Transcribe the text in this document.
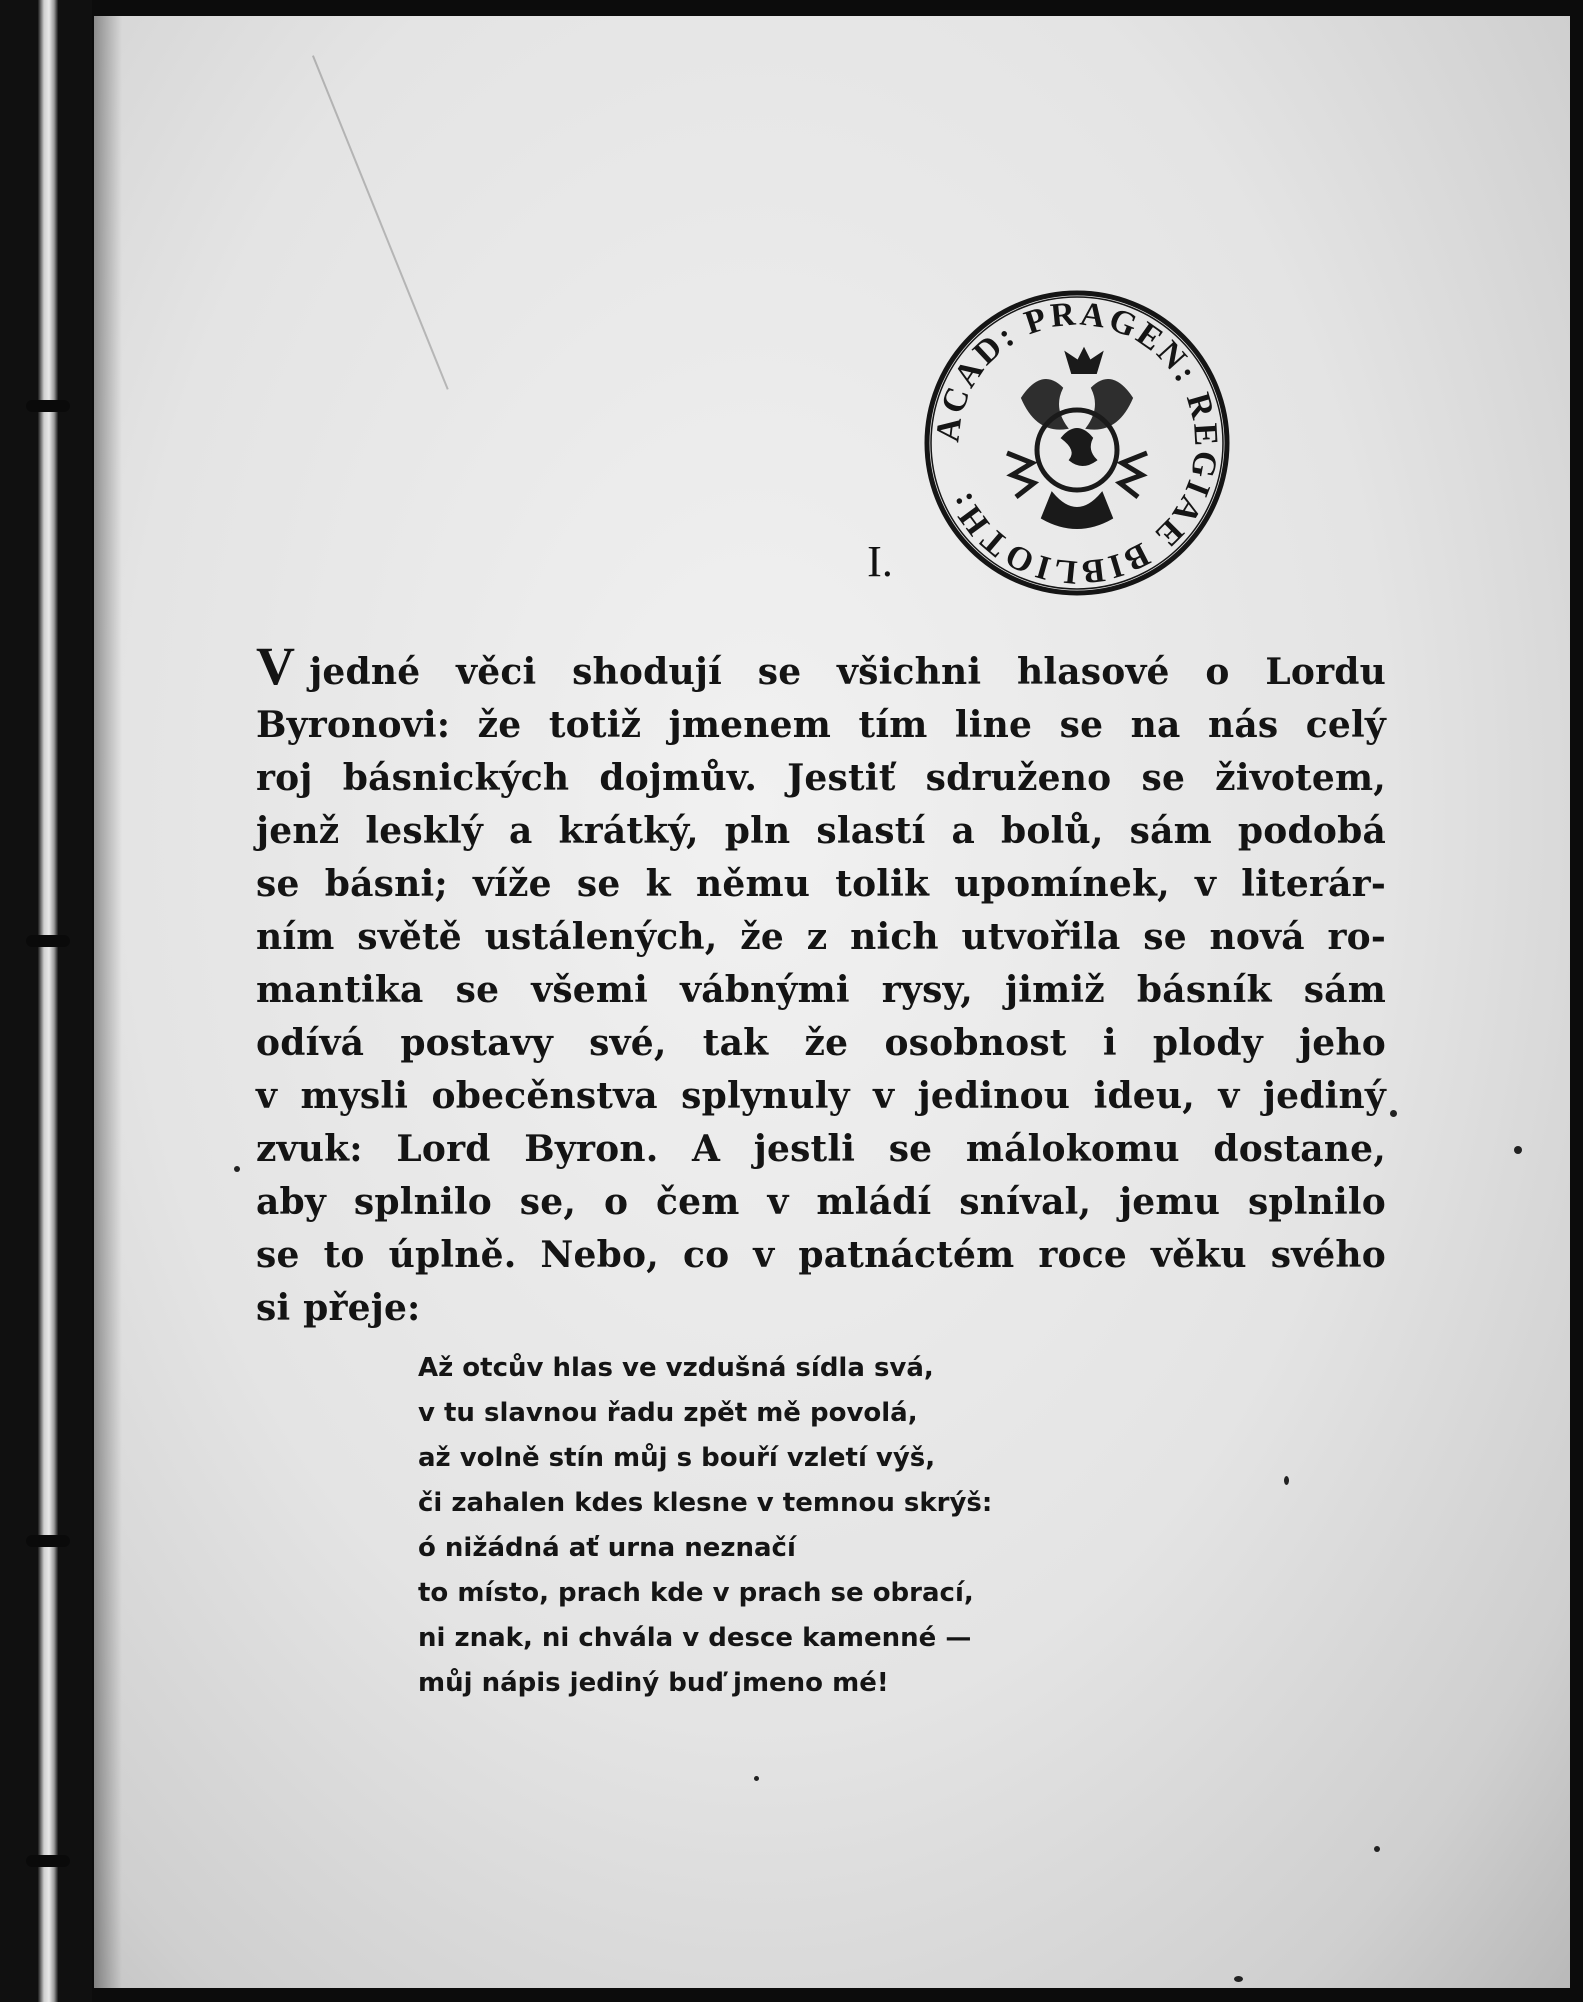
ACAD: PRAGEN: REGIAE BIBLIOTH:
I.
Vjedné věci shodují se všichni hlasové o Lordu
Byronovi: že totiž jmenem tím line se na nás celý
roj básnických dojmův. Jestiť sdruženo se životem,
jenž lesklý a krátký, pln slastí a bolů, sám podobá
se básni; víže se k němu tolik upomínek, v literár-
ním světě ustálených, že z nich utvořila se nová ro-
mantika se všemi vábnými rysy, jimiž básník sám
odívá postavy své, tak že osobnost i plody jeho
v mysli obecěnstva splynuly v jedinou ideu, v jediný
zvuk: Lord Byron. A jestli se málokomu dostane,
aby splnilo se, o čem v mládí sníval, jemu splnilo
se to úplně. Nebo, co v patnáctém roce věku svého
si přeje:
Až otcův hlas ve vzdušná sídla svá,
v tu slavnou řadu zpět mě povolá,
až volně stín můj s bouří vzletí výš,
či zahalen kdes klesne v temnou skrýš:
ó nižádná ať urna neznačí
to místo, prach kde v prach se obrací,
ni znak, ni chvála v desce kamenné —
můj nápis jediný buď jmeno mé!
